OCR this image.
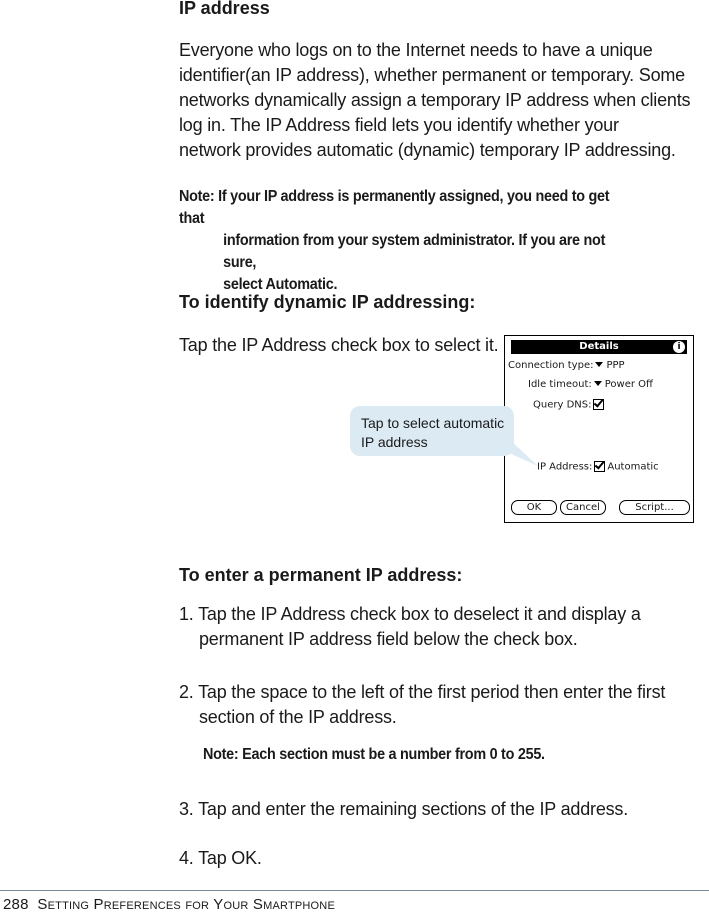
IP address
Everyone who logs on to the Internet needs to have a unique
identifier(an IP address), whether permanent or temporary. Some
networks dynamically assign a temporary IP address when clients
log in. The IP Address field lets you identify whether your
network provides automatic (dynamic) temporary IP addressing.
Note: If your IP address is permanently assigned, you need to get that
information from your system administrator. If you are not sure,
select Automatic.
To identify dynamic IP addressing:
Tap the IP Address check box to select it.	Details	i
Connection type: PPP
Idle timeout: Power Off
Query DNS:
IP Address: Automatic
OK	Cancel	Script...
Tap to select automatic
IP address
To enter a permanent IP address:
1. Tap the IP Address check box to deselect it and display a
permanent IP address field below the check box.
2. Tap the space to the left of the first period then enter the first
section of the IP address.
Note: Each section must be a number from 0 to 255.
3. Tap and enter the remaining sections of the IP address.
4. Tap OK.
288 SETTING PREFERENCES FOR YOUR SMARTPHONE
